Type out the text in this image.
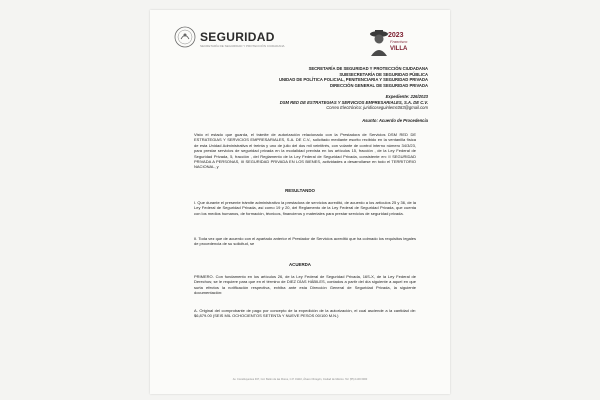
SEGURIDAD
SECRETARÍA DE SEGURIDAD Y PROTECCIÓN CIUDADANA
2023
Francisco
VILLA
SECRETARÍA DE SEGURIDAD Y PROTECCIÓN CIUDADANA
SUBSECRETARÍA DE SEGURIDAD PÚBLICA
UNIDAD DE POLÍTICA POLICIAL, PENITENCIARIA Y SEGURIDAD PRIVADA
DIRECCIÓN GENERAL DE SEGURIDAD PRIVADA
Expediente: 226/2023
DSM RED DE ESTRATEGIAS Y SERVICIOS EMPRESARIALES, S.A. DE C.V.
Correo Electrónico: juridicoseguinlemc083@gmail.com
Asunto: Acuerdo de Procedencia
Visto el estado que guarda, el trámite de autorización relacionado con la Prestadora de Servicios DSM RED DE ESTRATEGIAS Y SERVICIOS EMPRESARIALES, S.A. DE C.V., solicitado mediante escrito recibido en la ventanilla física de esta Unidad Administrativa el treinta y uno de julio del dos mil veintitrés, con volante de control interno número 34/3/23, para prestar servicios de seguridad privada en la modalidad prevista en los artículos 15, fracción , de la Ley Federal de Seguridad Privada, 5, fracción , del Reglamento de la Ley Federal de Seguridad Privada, consistente en: II SEGURIDAD PRIVADA A PERSONAS, III SEGURIDAD PRIVADA EN LOS BIENES, actividades a desarrollarse en todo el TERRITORIO NACIONAL, y
RESULTANDO
I. Que durante el presente trámite administrativo la prestadora de servicios acreditó, de acuerdo a los artículos 25 y 36, de la Ley Federal de Seguridad Privada, así como 19 y 20, del Reglamento de la Ley Federal de Seguridad Privada, que cuenta con los medios humanos, de formación, técnicos, financieros y materiales para prestar servicios de seguridad privada.
II. Toda vez que de acuerdo con el apartado anterior el Prestador de Servicios acreditó que ha colmado los requisitos legales de procedencia de su solicitud, se
ACUERDA
PRIMERO. Con fundamento en los artículos 26, de la Ley Federal de Seguridad Privada, 16S-X, de la Ley Federal de Derechos; se le requiere para que en el término de DIEZ DÍAS HÁBILES, contados a partir del día siguiente a aquel en que surta efectos la notificación respectiva, exhiba ante esta Dirección General de Seguridad Privada, la siguiente documentación:
A. Original del comprobante de pago por concepto de la expedición de la autorización, el cual asciende a la cantidad de: $6,879.00 (SEIS MIL OCHOCIENTOS SETENTA Y NUEVE PESOS 00/100 M.N.)
Av. Constituyentes 947, Col. Belén de las Flores, C.P. 01110, Álvaro Obregón, Ciudad de México. Tel: (55) 1103 6000
